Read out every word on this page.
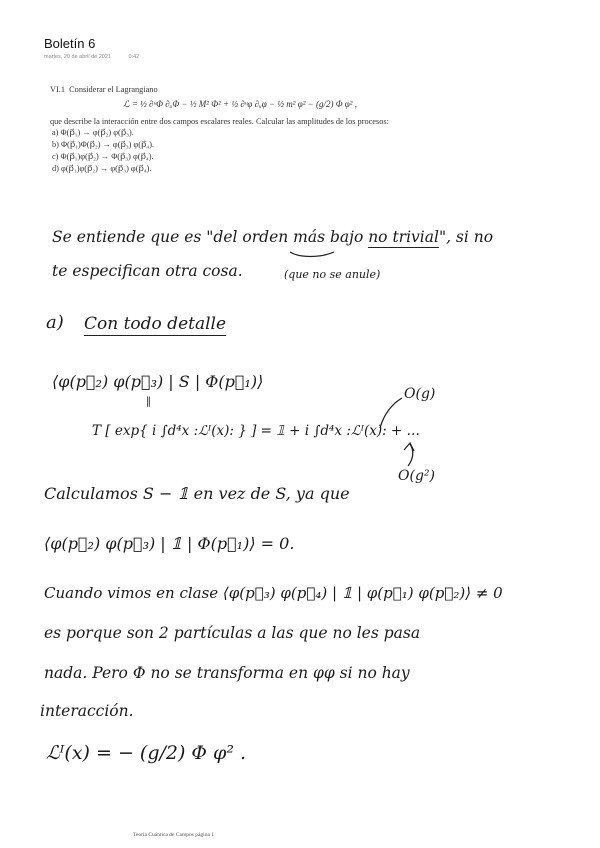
Boletín 6
martes, 20 de abril de 2021	0:42
VI.1 Considerar el Lagrangiano
ℒ = ½ ∂ᵘΦ ∂ᵤΦ − ½ M² Φ² + ½ ∂ᵘφ ∂ᵤφ − ½ m² φ² − (g/2) Φ φ² ,
que describe la interacción entre dos campos escalares reales. Calcular las amplitudes de los procesos:
a) Φ(p⃗₁) → φ(p⃗₂) φ(p⃗₃).
b) Φ(p⃗₁)Φ(p⃗₂) → φ(p⃗₃) φ(p⃗₄).
c) Φ(p⃗₁)φ(p⃗₂) → Φ(p⃗₃) φ(p⃗₄).
d) φ(p⃗₁)φ(p⃗₂) → φ(p⃗₃) φ(p⃗₄).
Se entiende que es "del orden más bajo no trivial", si no
te especifican otra cosa.	(que no se anule)
a) Con todo detalle
⟨φ(p⃗₂) φ(p⃗₃) | S | Φ(p⃗₁)⟩
‖
T [ exp{ i ∫d⁴x :ℒᴵ(x): } ] = 𝟙 + i ∫d⁴x :ℒᴵ(x): + …
O(g)
O(g²)
Calculamos S − 𝟙 en vez de S, ya que
⟨φ(p⃗₂) φ(p⃗₃) | 𝟙 | Φ(p⃗₁)⟩ = 0.
Cuando vimos en clase ⟨φ(p⃗₃) φ(p⃗₄) | 𝟙 | φ(p⃗₁) φ(p⃗₂)⟩ ≠ 0
es porque son 2 partículas a las que no les pasa
nada. Pero Φ no se transforma en φφ si no hay
interacción.
ℒᴵ(x) = − (g/2) Φ φ² .
Teoría Cuántica de Campos página 1
